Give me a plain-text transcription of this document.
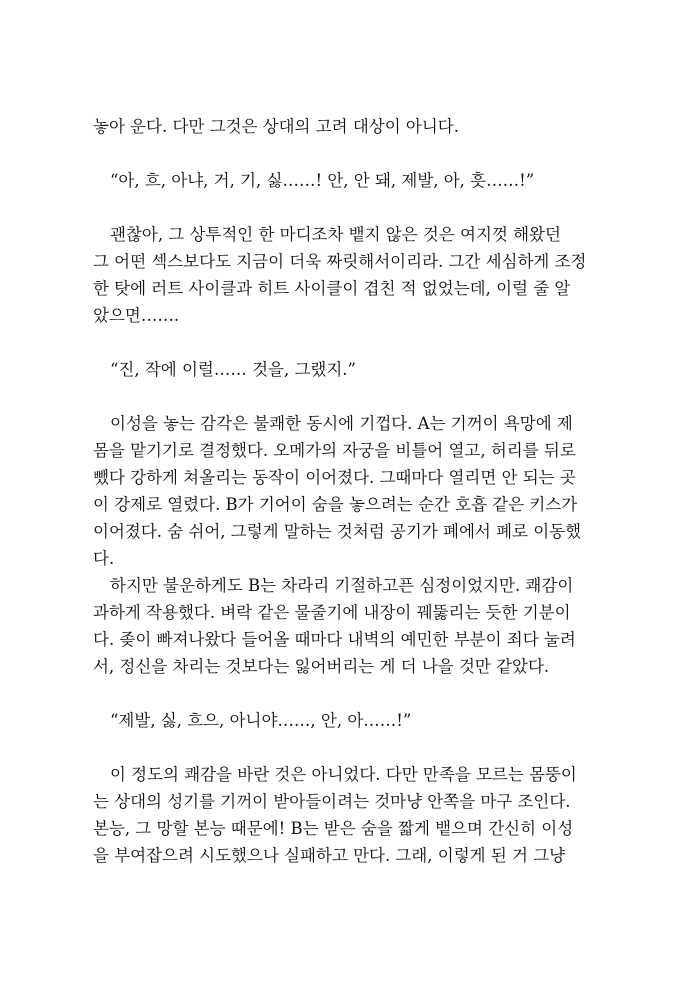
놓아 운다. 다만 그것은 상대의 고려 대상이 아니다.
“아, 흐, 아냐, 거, 기, 싫……! 안, 안 돼, 제발, 아, 흣……!”
괜찮아, 그 상투적인 한 마디조차 뱉지 않은 것은 여지껏 해왔던
그 어떤 섹스보다도 지금이 더욱 짜릿해서이리라. 그간 세심하게 조정
한 탓에 러트 사이클과 히트 사이클이 겹친 적 없었는데, 이럴 줄 알
았으면…….
“진, 작에 이럴…… 것을, 그랬지.”
이성을 놓는 감각은 불쾌한 동시에 기껍다. A는 기꺼이 욕망에 제
몸을 맡기기로 결정했다. 오메가의 자궁을 비틀어 열고, 허리를 뒤로
뺐다 강하게 쳐올리는 동작이 이어졌다. 그때마다 열리면 안 되는 곳
이 강제로 열렸다. B가 기어이 숨을 놓으려는 순간 호흡 같은 키스가
이어졌다. 숨 쉬어, 그렇게 말하는 것처럼 공기가 폐에서 폐로 이동했
다.
하지만 불운하게도 B는 차라리 기절하고픈 심정이었지만. 쾌감이
과하게 작용했다. 벼락 같은 물줄기에 내장이 꿰뚫리는 듯한 기분이
다. 좆이 빠져나왔다 들어올 때마다 내벽의 예민한 부분이 죄다 눌려
서, 정신을 차리는 것보다는 잃어버리는 게 더 나을 것만 같았다.
“제발, 싫, 흐으, 아니야……, 안, 아……!”
이 정도의 쾌감을 바란 것은 아니었다. 다만 만족을 모르는 몸뚱이
는 상대의 성기를 기꺼이 받아들이려는 것마냥 안쪽을 마구 조인다.
본능, 그 망할 본능 때문에! B는 받은 숨을 짧게 뱉으며 간신히 이성
을 부여잡으려 시도했으나 실패하고 만다. 그래, 이렇게 된 거 그냥
